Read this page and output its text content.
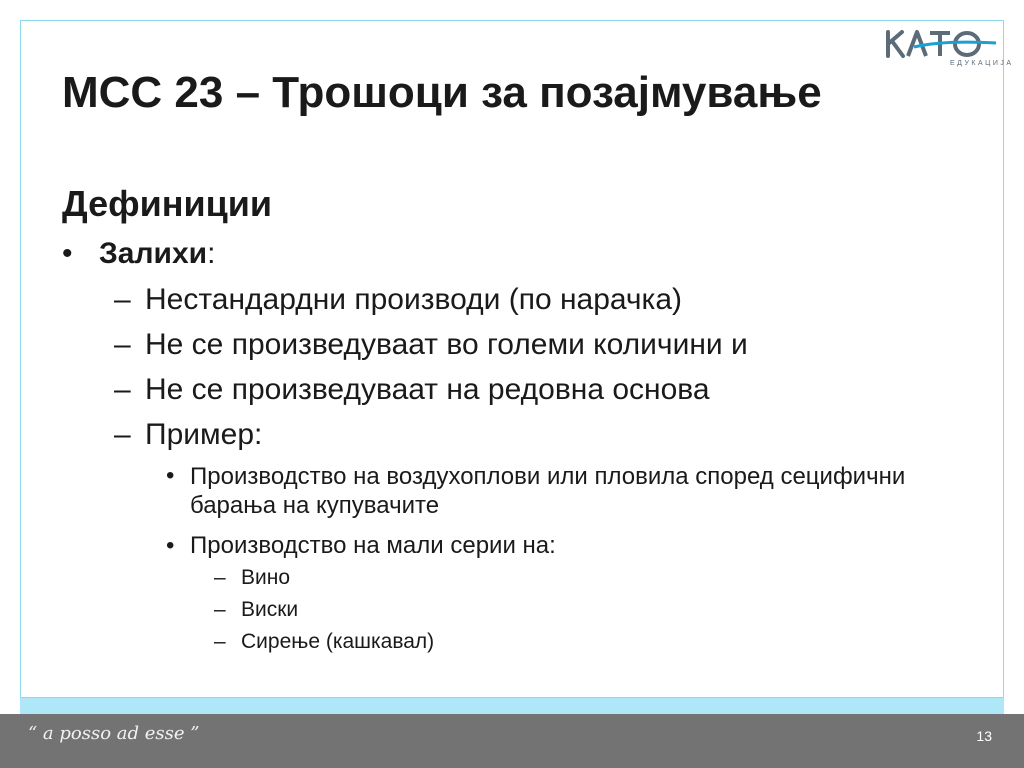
ЕДУКАЦИЈА
МСС 23 – Трошоци за позајмување
Дефиниции
• Залихи:
– Нестандардни производи (по нарачка)
– Не се произведуваат во големи количини и
– Не се произведуваат на редовна основа
– Пример:
• Производство на воздухоплови или пловила според сецифични барања на купувачите
• Производство на мали серии на:
– Вино
– Виски
– Сирење (кашкавал)
“ a posso ad esse ”	13
